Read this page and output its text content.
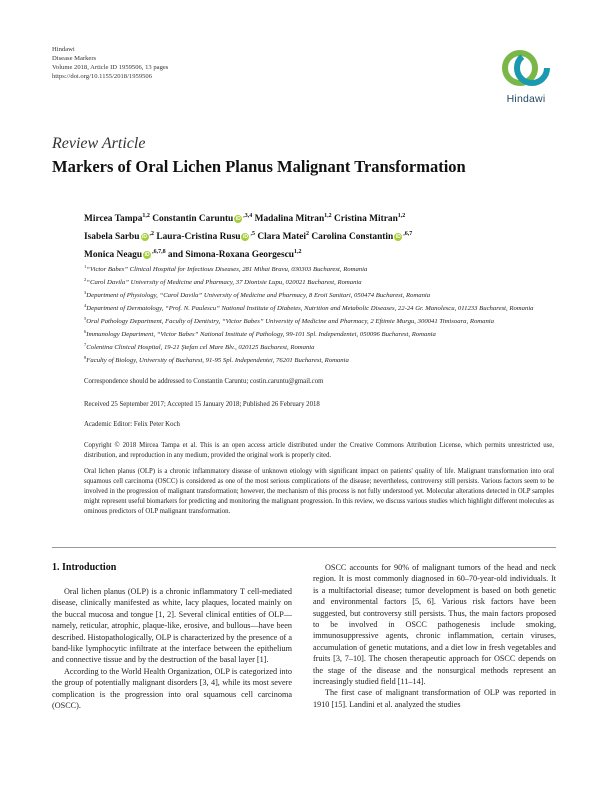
Hindawi
Disease Markers
Volume 2018, Article ID 1959506, 13 pages
https://doi.org/10.1155/2018/1959506
Hindawi
Review Article
Markers of Oral Lichen Planus Malignant Transformation
Mircea Tampa$^{1,2}$ Constantin Caruntu $iD^{,3,4}$ Madalina Mitran$^{1,2}$ Cristina Mitran$^{1,2}$
Isabela Sarbu $iD^{,2}$ Laura-Cristina Rusu $iD^{,5}$ Clara Matei$^2$ Carolina Constantin $iD^{,6,7}$
Monica Neagu $iD^{,6,7,8}$ and Simona-Roxana Georgescu$^{1,2}$
$^1$“Victor Babes” Clinical Hospital for Infectious Diseases, 281 Mihai Bravu, 030303 Bucharest, Romania
$^2$“Carol Davila” University of Medicine and Pharmacy, 37 Dionisie Lupu, 020021 Bucharest, Romania
$^3$Department of Physiology, “Carol Davila” University of Medicine and Pharmacy, 8 Eroii Sanitari, 050474 Bucharest, Romania
$^4$Department of Dermatology, “Prof. N. Paulescu” National Institute of Diabetes, Nutrition and Metabolic Diseases, 22-24 Gr. Manolescu, 011233 Bucharest, Romania
$^5$Oral Pathology Department, Faculty of Dentistry, “Victor Babes” University of Medicine and Pharmacy, 2 Eftimie Murgu, 300041 Timisoara, Romania
$^6$Immunology Department, “Victor Babes” National Institute of Pathology, 99-101 Spl. Independentei, 050096 Bucharest, Romania
$^7$Colentina Clinical Hospital, 19-21 Ştefan cel Mare Blv., 020125 Bucharest, Romania
$^8$Faculty of Biology, University of Bucharest, 91-95 Spl. Independentei, 76201 Bucharest, Romania
Correspondence should be addressed to Constantin Caruntu; costin.caruntu@gmail.com
Received 25 September 2017; Accepted 15 January 2018; Published 26 February 2018
Academic Editor: Felix Peter Koch
Copyright © 2018 Mircea Tampa et al. This is an open access article distributed under the Creative Commons Attribution License, which permits unrestricted use, distribution, and reproduction in any medium, provided the original work is properly cited.
Oral lichen planus (OLP) is a chronic inflammatory disease of unknown etiology with significant impact on patients' quality of life. Malignant transformation into oral squamous cell carcinoma (OSCC) is considered as one of the most serious complications of the disease; nevertheless, controversy still persists. Various factors seem to be involved in the progression of malignant transformation; however, the mechanism of this process is not fully understood yet. Molecular alterations detected in OLP samples might represent useful biomarkers for predicting and monitoring the malignant progression. In this review, we discuss various studies which highlight different molecules as ominous predictors of OLP malignant transformation.
1. Introduction

Oral lichen planus (OLP) is a chronic inflammatory T cell-mediated disease, clinically manifested as white, lacy plaques, located mainly on the buccal mucosa and tongue [1, 2]. Several clinical entities of OLP—namely, reticular, atrophic, plaque-like, erosive, and bullous—have been described. Histopathologically, OLP is characterized by the presence of a band-like lymphocytic infiltrate at the interface between the epithelium and connective tissue and by the destruction of the basal layer [1].

According to the World Health Organization, OLP is categorized into the group of potentially malignant disorders [3, 4], while its most severe complication is the progression into oral squamous cell carcinoma (OSCC).

OSCC accounts for 90% of malignant tumors of the head and neck region. It is most commonly diagnosed in 60–70-year-old individuals. It is a multifactorial disease; tumor development is based on both genetic and environmental factors [5, 6]. Various risk factors have been suggested, but controversy still persists. Thus, the main factors proposed to be involved in OSCC pathogenesis include smoking, immunosuppressive agents, chronic inflammation, certain viruses, accumulation of genetic mutations, and a diet low in fresh vegetables and fruits [3, 7–10]. The chosen therapeutic approach for OSCC depends on the stage of the disease and the nonsurgical methods represent an increasingly studied field [11–14].

The first case of malignant transformation of OLP was reported in 1910 [15]. Landini et al. analyzed the studies
